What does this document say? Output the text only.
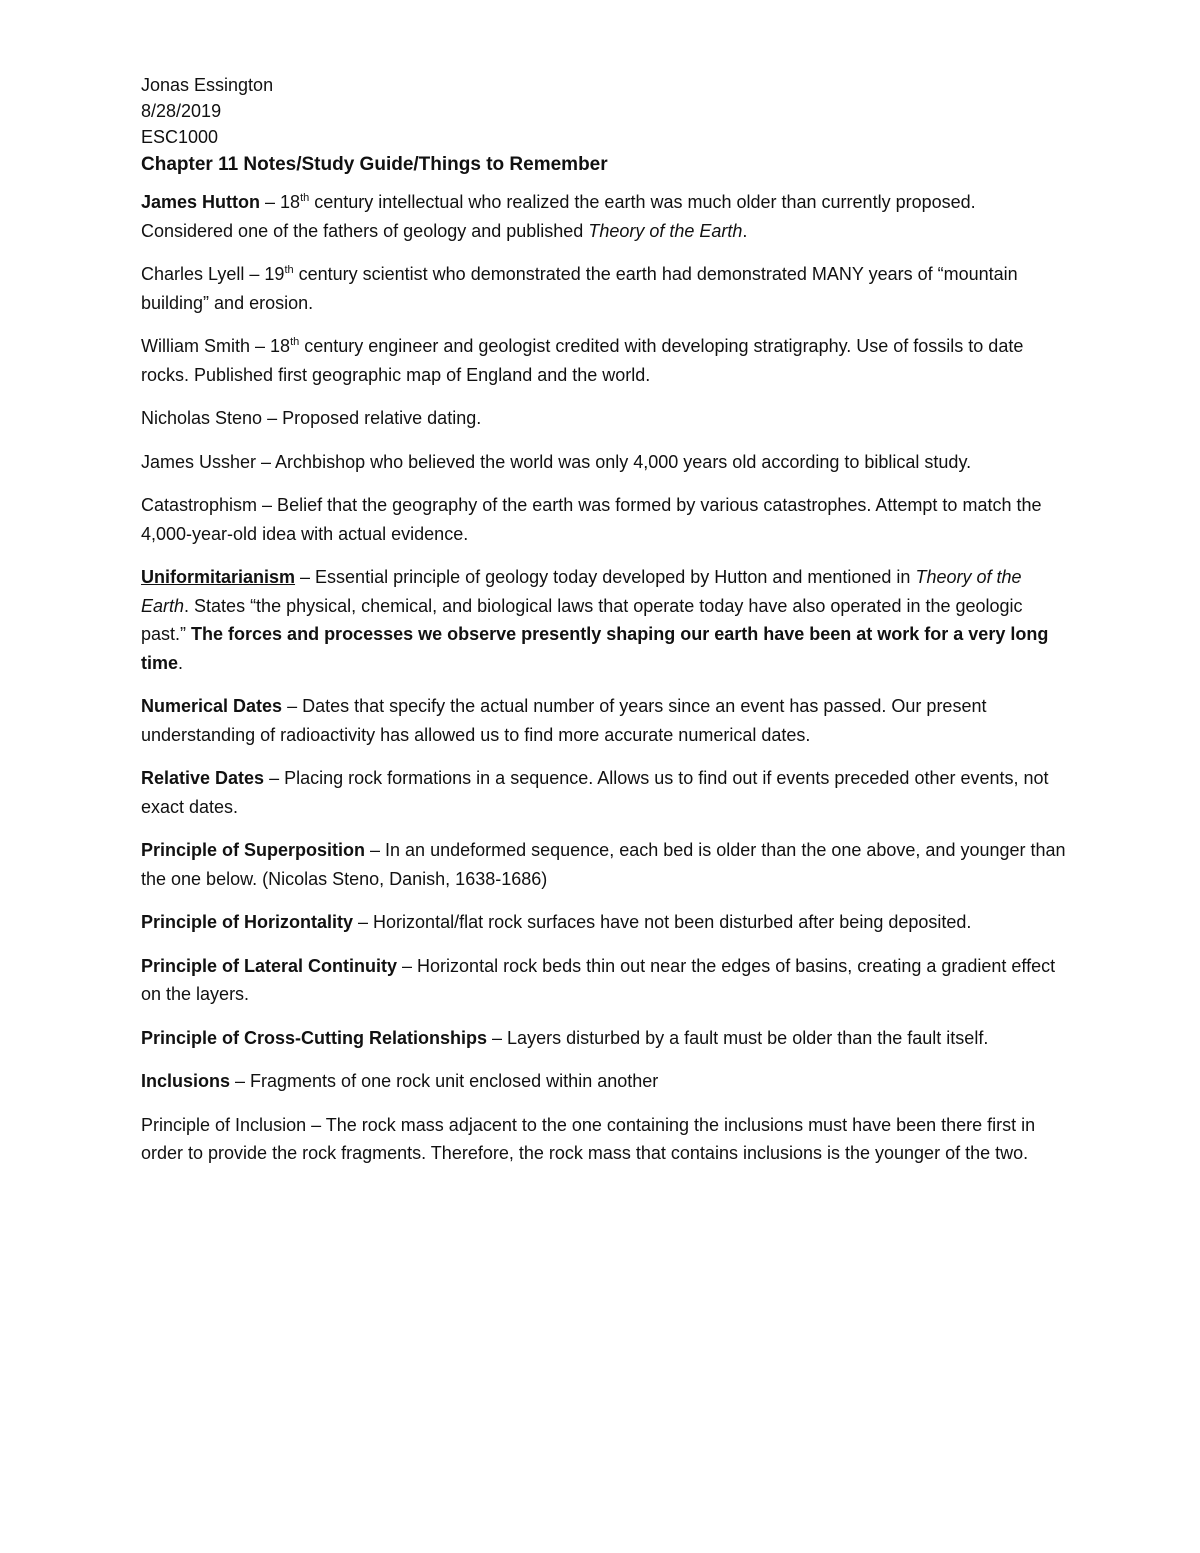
Jonas Essington

8/28/2019

ESC1000

Chapter 11 Notes/Study Guide/Things to Remember

James Hutton – 18th century intellectual who realized the earth was much older than currently proposed. Considered one of the fathers of geology and published Theory of the Earth.

Charles Lyell – 19th century scientist who demonstrated the earth had demonstrated MANY years of “mountain building” and erosion.

William Smith – 18th century engineer and geologist credited with developing stratigraphy. Use of fossils to date rocks. Published first geographic map of England and the world.

Nicholas Steno – Proposed relative dating.

James Ussher – Archbishop who believed the world was only 4,000 years old according to biblical study.

Catastrophism – Belief that the geography of the earth was formed by various catastrophes. Attempt to match the 4,000-year-old idea with actual evidence.

Uniformitarianism – Essential principle of geology today developed by Hutton and mentioned in Theory of the Earth. States “the physical, chemical, and biological laws that operate today have also operated in the geologic past.” The forces and processes we observe presently shaping our earth have been at work for a very long time.

Numerical Dates – Dates that specify the actual number of years since an event has passed. Our present understanding of radioactivity has allowed us to find more accurate numerical dates.

Relative Dates – Placing rock formations in a sequence. Allows us to find out if events preceded other events, not exact dates.

Principle of Superposition – In an undeformed sequence, each bed is older than the one above, and younger than the one below. (Nicolas Steno, Danish, 1638-1686)

Principle of Horizontality – Horizontal/flat rock surfaces have not been disturbed after being deposited.

Principle of Lateral Continuity – Horizontal rock beds thin out near the edges of basins, creating a gradient effect on the layers.

Principle of Cross-Cutting Relationships – Layers disturbed by a fault must be older than the fault itself.

Inclusions – Fragments of one rock unit enclosed within another

Principle of Inclusion – The rock mass adjacent to the one containing the inclusions must have been there first in order to provide the rock fragments. Therefore, the rock mass that contains inclusions is the younger of the two.
